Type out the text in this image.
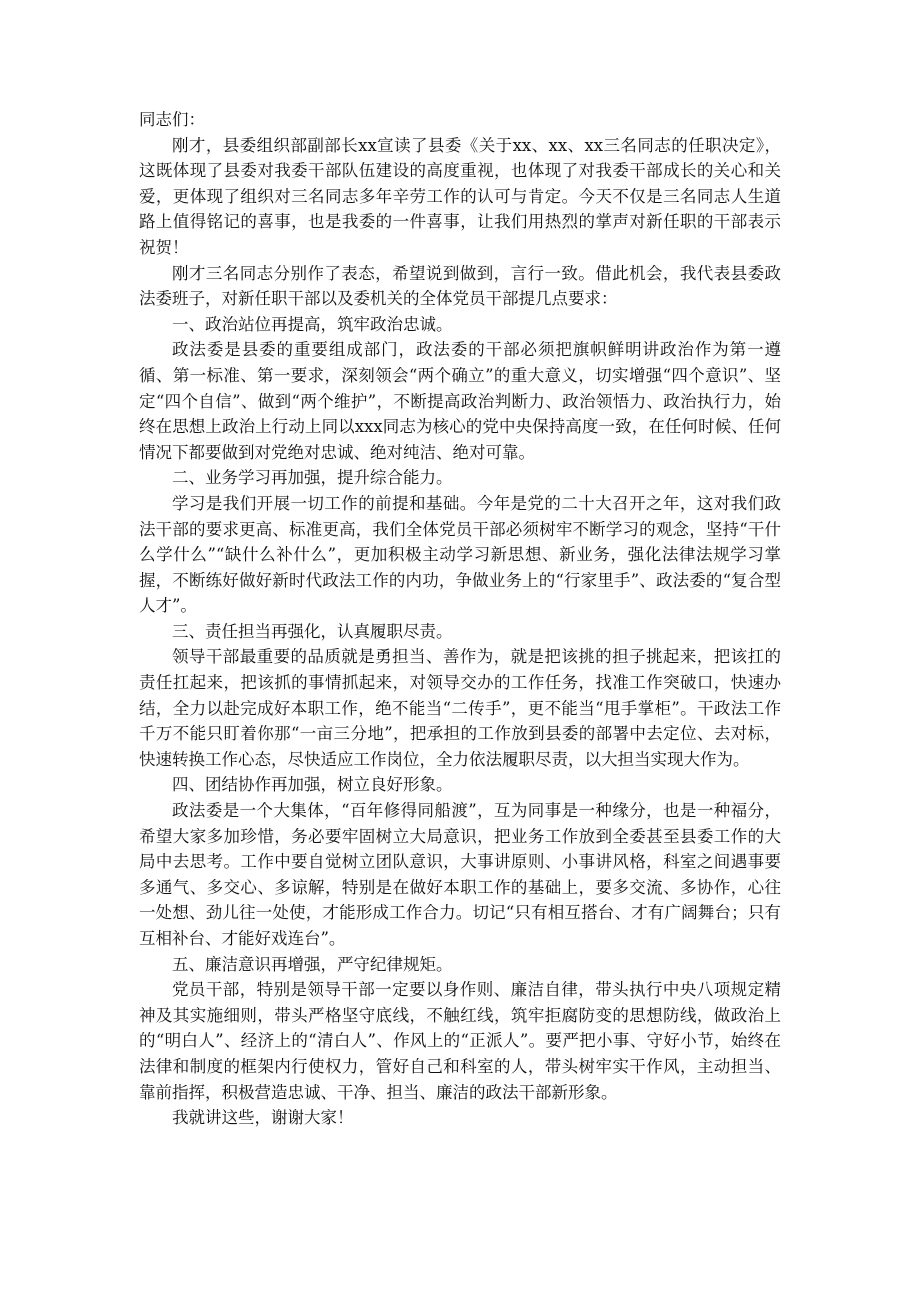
同志们：

刚才，县委组织部副部长xx宣读了县委《关于xx、xx、xx三名同志的任职决定》，这既体现了县委对我委干部队伍建设的高度重视，也体现了对我委干部成长的关心和关爱，更体现了组织对三名同志多年辛劳工作的认可与肯定。今天不仅是三名同志人生道路上值得铭记的喜事，也是我委的一件喜事，让我们用热烈的掌声对新任职的干部表示祝贺！

刚才三名同志分别作了表态，希望说到做到，言行一致。借此机会，我代表县委政法委班子，对新任职干部以及委机关的全体党员干部提几点要求：

一、政治站位再提高，筑牢政治忠诚。

政法委是县委的重要组成部门，政法委的干部必须把旗帜鲜明讲政治作为第一遵循、第一标准、第一要求，深刻领会“两个确立”的重大意义，切实增强“四个意识”、坚定“四个自信”、做到“两个维护”，不断提高政治判断力、政治领悟力、政治执行力，始终在思想上政治上行动上同以xxx同志为核心的党中央保持高度一致，在任何时候、任何情况下都要做到对党绝对忠诚、绝对纯洁、绝对可靠。

二、业务学习再加强，提升综合能力。

学习是我们开展一切工作的前提和基础。今年是党的二十大召开之年，这对我们政法干部的要求更高、标准更高，我们全体党员干部必须树牢不断学习的观念，坚持“干什么学什么”“缺什么补什么”，更加积极主动学习新思想、新业务，强化法律法规学习掌握，不断练好做好新时代政法工作的内功，争做业务上的“行家里手”、政法委的“复合型人才”。

三、责任担当再强化，认真履职尽责。

领导干部最重要的品质就是勇担当、善作为，就是把该挑的担子挑起来，把该扛的责任扛起来，把该抓的事情抓起来，对领导交办的工作任务，找准工作突破口，快速办结，全力以赴完成好本职工作，绝不能当“二传手”，更不能当“甩手掌柜”。干政法工作千万不能只盯着你那“一亩三分地”，把承担的工作放到县委的部署中去定位、去对标，快速转换工作心态，尽快适应工作岗位，全力依法履职尽责，以大担当实现大作为。

四、团结协作再加强，树立良好形象。

政法委是一个大集体，“百年修得同船渡”，互为同事是一种缘分，也是一种福分，希望大家多加珍惜，务必要牢固树立大局意识，把业务工作放到全委甚至县委工作的大局中去思考。工作中要自觉树立团队意识，大事讲原则、小事讲风格，科室之间遇事要多通气、多交心、多谅解，特别是在做好本职工作的基础上，要多交流、多协作，心往一处想、劲儿往一处使，才能形成工作合力。切记“只有相互搭台、才有广阔舞台；只有互相补台、才能好戏连台”。

五、廉洁意识再增强，严守纪律规矩。

党员干部，特别是领导干部一定要以身作则、廉洁自律，带头执行中央八项规定精神及其实施细则，带头严格坚守底线，不触红线，筑牢拒腐防变的思想防线，做政治上的“明白人”、经济上的“清白人”、作风上的“正派人”。要严把小事、守好小节，始终在法律和制度的框架内行使权力，管好自己和科室的人，带头树牢实干作风，主动担当、靠前指挥，积极营造忠诚、干净、担当、廉洁的政法干部新形象。

我就讲这些，谢谢大家！
